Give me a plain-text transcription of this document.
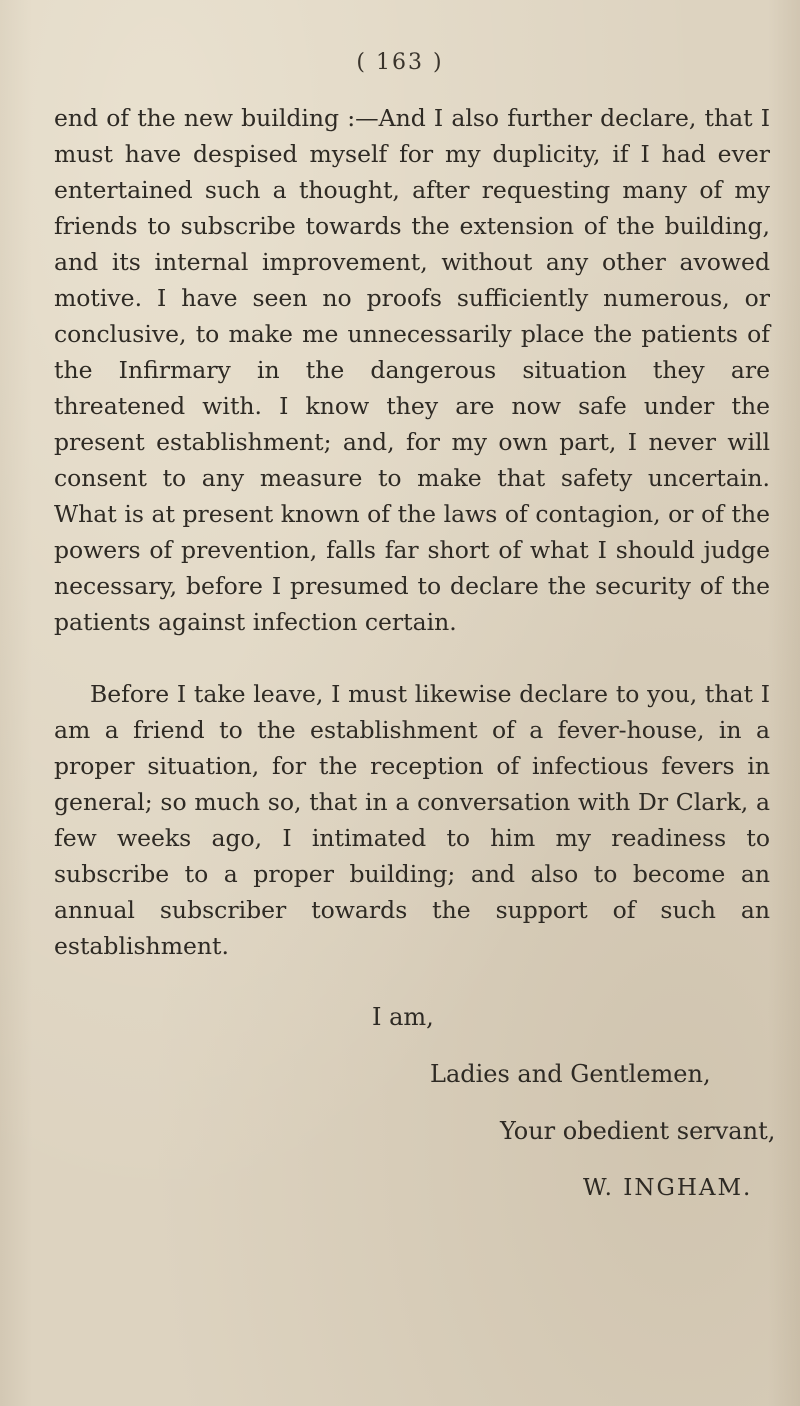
( 163 )

end of the new building :—And I also further declare, that I must have despised myself for my duplicity, if I had ever entertained such a thought, after requesting many of my friends to subscribe towards the extension of the building, and its internal improvement, without any other avowed motive. I have seen no proofs sufficiently numerous, or conclusive, to make me unnecessarily place the patients of the Infirmary in the dangerous situation they are threatened with. I know they are now safe under the present establishment; and, for my own part, I never will consent to any measure to make that safety uncertain. What is at present known of the laws of contagion, or of the powers of prevention, falls far short of what I should judge necessary, before I presumed to declare the security of the patients against infection certain.

Before I take leave, I must likewise declare to you, that I am a friend to the establishment of a fever-house, in a proper situation, for the reception of infectious fevers in general; so much so, that in a conversation with Dr Clark, a few weeks ago, I intimated to him my readiness to subscribe to a proper building; and also to become an annual subscriber towards the support of such an establishment.

I am,
Ladies and Gentlemen,
Your obedient servant,
W. INGHAM.
